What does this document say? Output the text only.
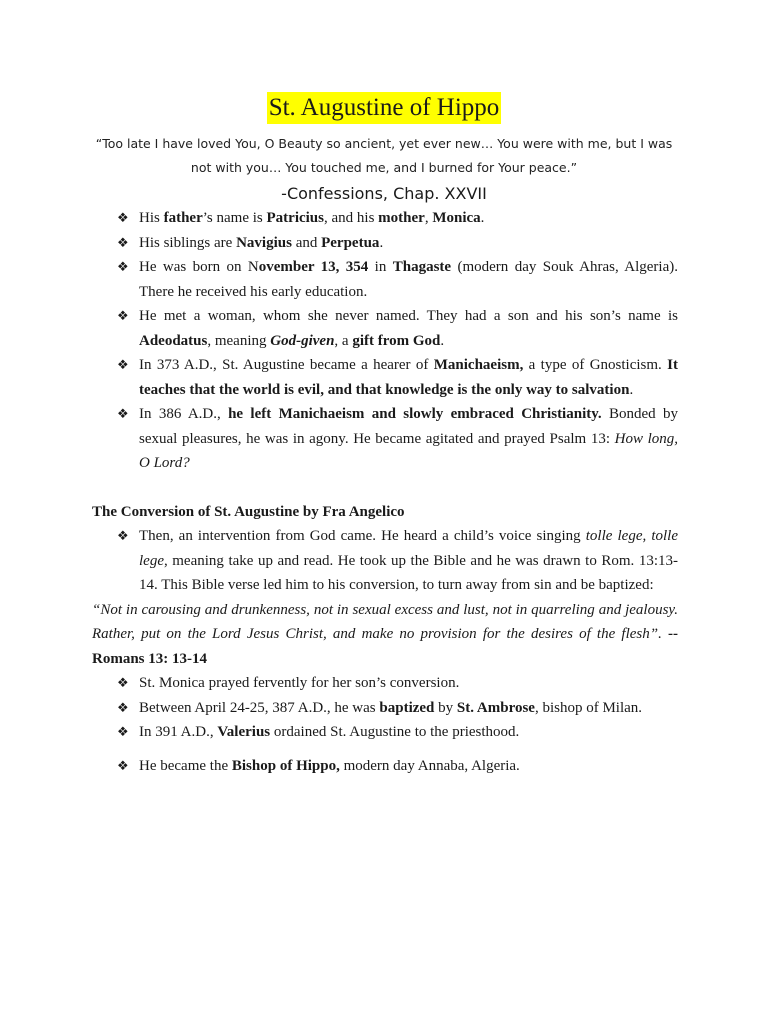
St. Augustine of Hippo
“Too late I have loved You, O Beauty so ancient, yet ever new… You were with me, but I was not with you… You touched me, and I burned for Your peace.”
-Confessions, Chap. XXVII
❖ His father’s name is Patricius, and his mother, Monica.
❖ His siblings are Navigius and Perpetua.
❖ He was born on November 13, 354 in Thagaste (modern day Souk Ahras, Algeria). There he received his early education.
❖ He met a woman, whom she never named. They had a son and his son’s name is Adeodatus, meaning God-given, a gift from God.
❖ In 373 A.D., St. Augustine became a hearer of Manichaeism, a type of Gnosticism. It teaches that the world is evil, and that knowledge is the only way to salvation.
❖ In 386 A.D., he left Manichaeism and slowly embraced Christianity. Bonded by sexual pleasures, he was in agony. He became agitated and prayed Psalm 13: How long, O Lord?
The Conversion of St. Augustine by Fra Angelico
❖ Then, an intervention from God came. He heard a child’s voice singing tolle lege, tolle lege, meaning take up and read. He took up the Bible and he was drawn to Rom. 13:13-14. This Bible verse led him to his conversion, to turn away from sin and be baptized:
“Not in carousing and drunkenness, not in sexual excess and lust, not in quarreling and jealousy. Rather, put on the Lord Jesus Christ, and make no provision for the desires of the flesh”. --Romans 13: 13-14
❖ St. Monica prayed fervently for her son’s conversion.
❖ Between April 24-25, 387 A.D., he was baptized by St. Ambrose, bishop of Milan.
❖ In 391 A.D., Valerius ordained St. Augustine to the priesthood.
❖ He became the Bishop of Hippo, modern day Annaba, Algeria.
